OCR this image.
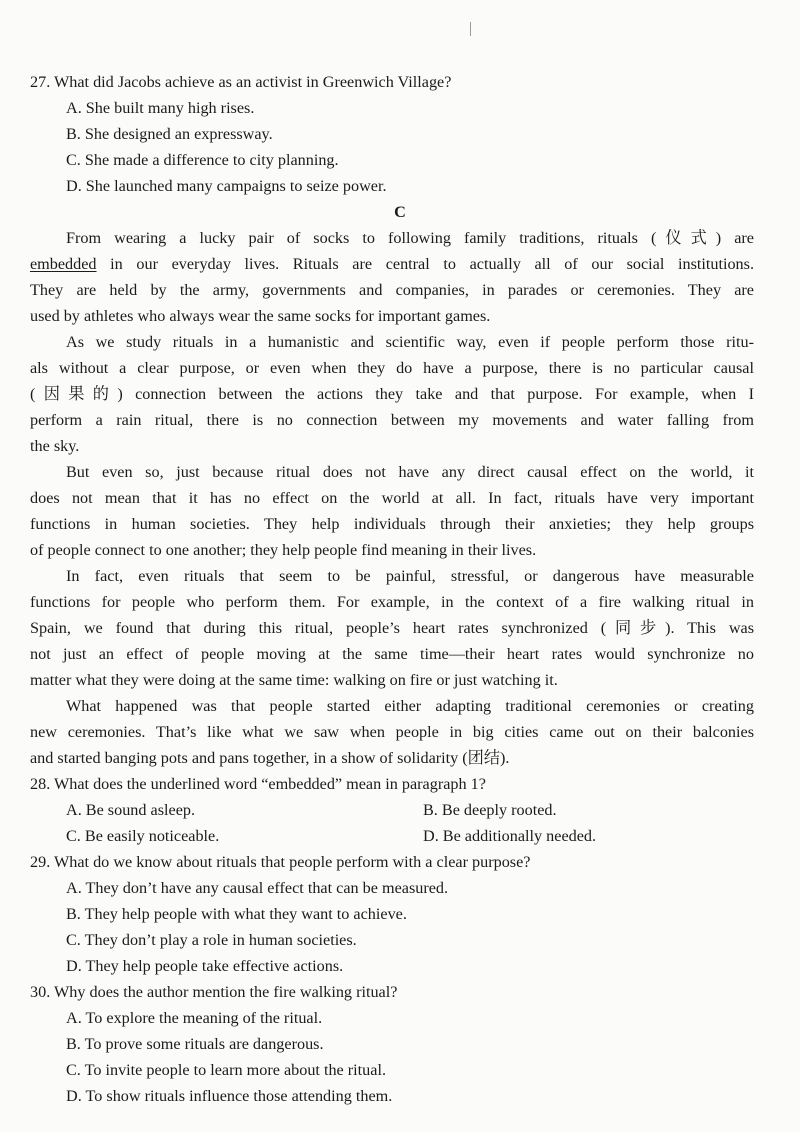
27. What did Jacobs achieve as an activist in Greenwich Village?
A. She built many high rises.
B. She designed an expressway.
C. She made a difference to city planning.
D. She launched many campaigns to seize power.
C
From wearing a lucky pair of socks to following family traditions, rituals (仪式) are
embedded in our everyday lives. Rituals are central to actually all of our social institutions.
They are held by the army, governments and companies, in parades or ceremonies. They are
used by athletes who always wear the same socks for important games.
As we study rituals in a humanistic and scientific way, even if people perform those ritu-
als without a clear purpose, or even when they do have a purpose, there is no particular causal
(因果的) connection between the actions they take and that purpose. For example, when I
perform a rain ritual, there is no connection between my movements and water falling from
the sky.
But even so, just because ritual does not have any direct causal effect on the world, it
does not mean that it has no effect on the world at all. In fact, rituals have very important
functions in human societies. They help individuals through their anxieties; they help groups
of people connect to one another; they help people find meaning in their lives.
In fact, even rituals that seem to be painful, stressful, or dangerous have measurable
functions for people who perform them. For example, in the context of a fire walking ritual in
Spain, we found that during this ritual, people’s heart rates synchronized (同步). This was
not just an effect of people moving at the same time—their heart rates would synchronize no
matter what they were doing at the same time: walking on fire or just watching it.
What happened was that people started either adapting traditional ceremonies or creating
new ceremonies. That’s like what we saw when people in big cities came out on their balconies
and started banging pots and pans together, in a show of solidarity (团结).
28. What does the underlined word “embedded” mean in paragraph 1?
A. Be sound asleep.	B. Be deeply rooted.
C. Be easily noticeable.	D. Be additionally needed.
29. What do we know about rituals that people perform with a clear purpose?
A. They don’t have any causal effect that can be measured.
B. They help people with what they want to achieve.
C. They don’t play a role in human societies.
D. They help people take effective actions.
30. Why does the author mention the fire walking ritual?
A. To explore the meaning of the ritual.
B. To prove some rituals are dangerous.
C. To invite people to learn more about the ritual.
D. To show rituals influence those attending them.
